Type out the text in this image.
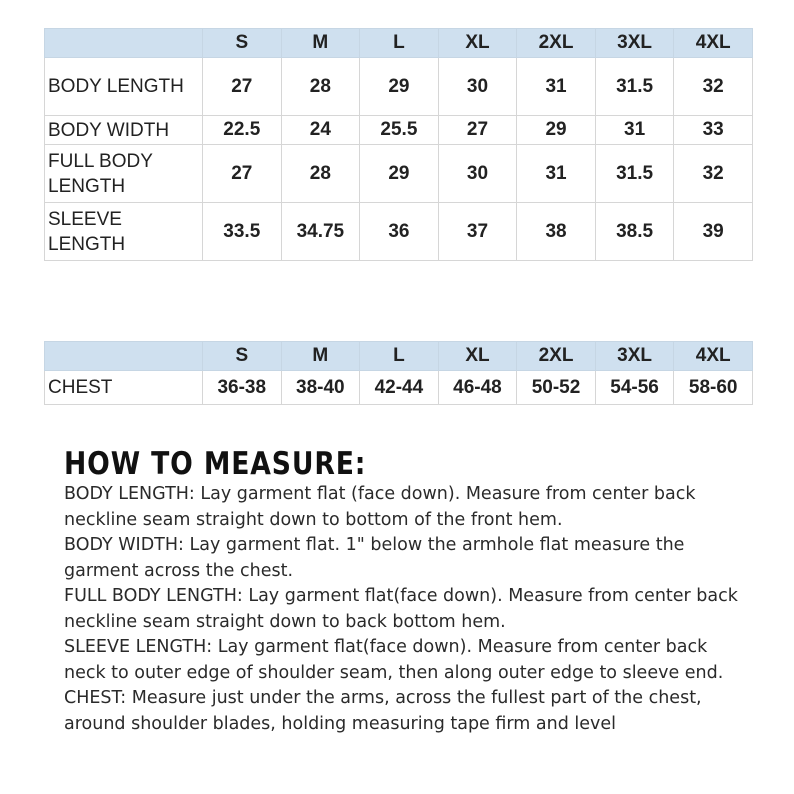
	S	M	L	XL	2XL	3XL	4XL
BODY LENGTH	27	28	29	30	31	31.5	32
BODY WIDTH	22.5	24	25.5	27	29	31	33
FULL BODY LENGTH	27	28	29	30	31	31.5	32
SLEEVE LENGTH	33.5	34.75	36	37	38	38.5	39
	S	M	L	XL	2XL	3XL	4XL
CHEST	36-38	38-40	42-44	46-48	50-52	54-56	58-60
HOW TO MEASURE:

BODY LENGTH: Lay garment flat (face down). Measure from center back neckline seam straight down to bottom of the front hem.

BODY WIDTH: Lay garment flat. 1" below the armhole flat measure the garment across the chest.

FULL BODY LENGTH: Lay garment flat(face down). Measure from center back neckline seam straight down to back bottom hem.

SLEEVE LENGTH: Lay garment flat(face down). Measure from center back neck to outer edge of shoulder seam, then along outer edge to sleeve end.

CHEST: Measure just under the arms, across the fullest part of the chest, around shoulder blades, holding measuring tape firm and level
